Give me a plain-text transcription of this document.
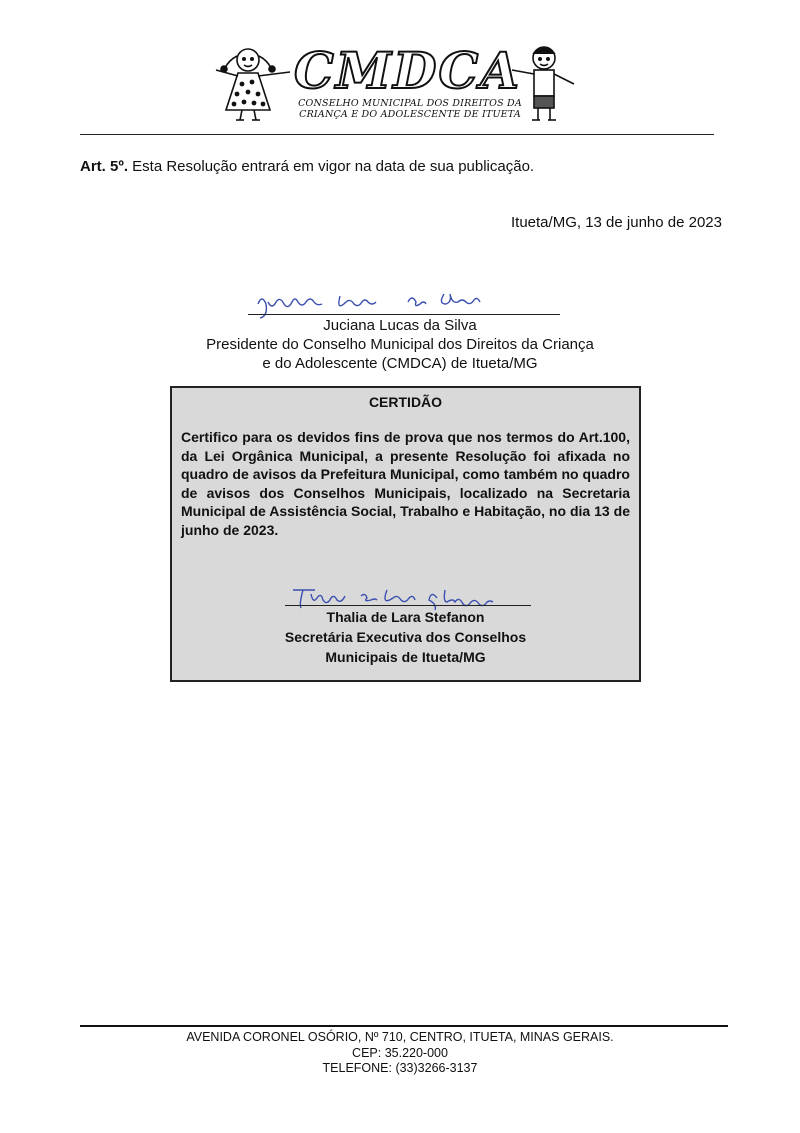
CMDCA
CONSELHO MUNICIPAL DOS DIREITOS DA
CRIANÇA E DO ADOLESCENTE DE ITUETA
Art. 5º. Esta Resolução entrará em vigor na data de sua publicação.
Itueta/MG, 13 de junho de 2023
Juciana Lucas da Silva
Presidente do Conselho Municipal dos Direitos da Criança
e do Adolescente (CMDCA) de Itueta/MG
CERTIDÃO
Certifico para os devidos fins de prova que nos termos do Art.100, da Lei Orgânica Municipal, a presente Resolução foi afixada no quadro de avisos da Prefeitura Municipal, como também no quadro de avisos dos Conselhos Municipais, localizado na Secretaria Municipal de Assistência Social, Trabalho e Habitação, no dia 13 de junho de 2023.
Thalia de Lara Stefanon
Secretária Executiva dos Conselhos
Municipais de Itueta/MG
AVENIDA CORONEL OSÓRIO, Nº 710, CENTRO, ITUETA, MINAS GERAIS.
CEP: 35.220-000
TELEFONE: (33)3266-3137
